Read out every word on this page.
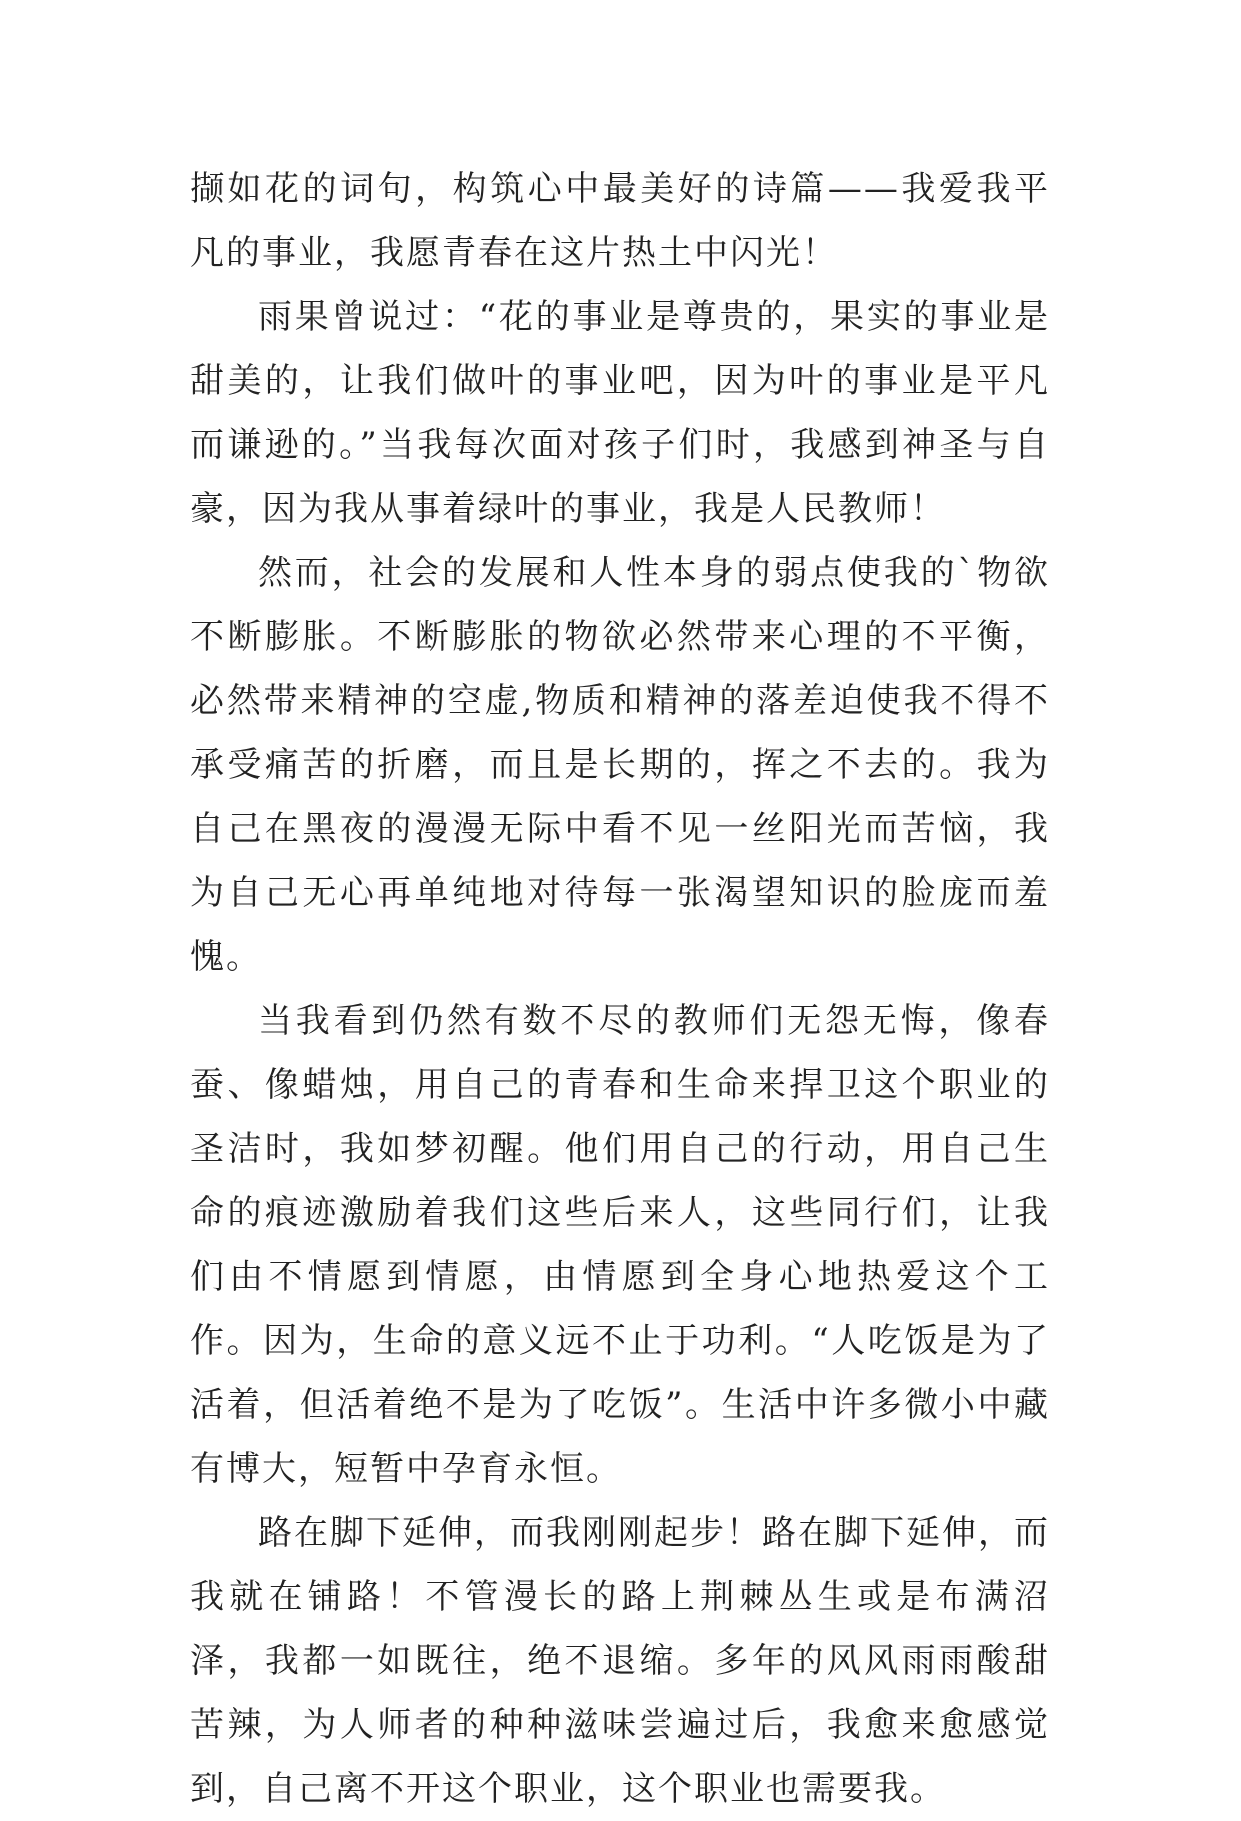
撷如花的词句，构筑心中最美好的诗篇——我爱我平凡的事业，我愿青春在这片热土中闪光！

雨果曾说过：“花的事业是尊贵的，果实的事业是甜美的，让我们做叶的事业吧，因为叶的事业是平凡而谦逊的。”当我每次面对孩子们时，我感到神圣与自豪，因为我从事着绿叶的事业，我是人民教师！

然而，社会的发展和人性本身的弱点使我的`物欲不断膨胀。不断膨胀的物欲必然带来心理的不平衡，必然带来精神的空虚,物质和精神的落差迫使我不得不承受痛苦的折磨，而且是长期的，挥之不去的。我为自己在黑夜的漫漫无际中看不见一丝阳光而苦恼，我为自己无心再单纯地对待每一张渴望知识的脸庞而羞愧。

当我看到仍然有数不尽的教师们无怨无悔，像春蚕、像蜡烛，用自己的青春和生命来捍卫这个职业的圣洁时，我如梦初醒。他们用自己的行动，用自己生命的痕迹激励着我们这些后来人，这些同行们，让我们由不情愿到情愿，由情愿到全身心地热爱这个工作。因为，生命的意义远不止于功利。“人吃饭是为了活着，但活着绝不是为了吃饭”。生活中许多微小中藏有博大，短暂中孕育永恒。

路在脚下延伸，而我刚刚起步！路在脚下延伸，而我就在铺路！不管漫长的路上荆棘丛生或是布满沼泽，我都一如既往，绝不退缩。多年的风风雨雨酸甜苦辣，为人师者的种种滋味尝遍过后，我愈来愈感觉到，自己离不开这个职业，这个职业也需要我。
